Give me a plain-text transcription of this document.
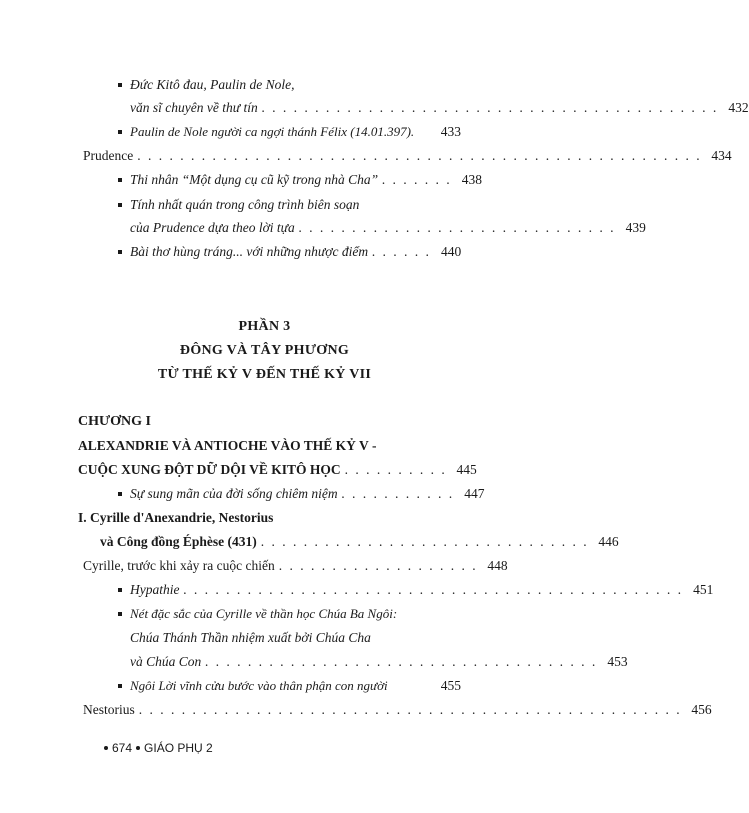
Đức Kitô đau, Paulin de Nole,
văn sĩ chuyên về thư tín . . . . . . . . . . . . . . . . . . . . . . . . . . . . . . . . . . . . . . . . . . . 432
Paulin de Nole người ca ngợi thánh Félix (14.01.397).	433
Prudence . . . . . . . . . . . . . . . . . . . . . . . . . . . . . . . . . . . . . . . . . . . . . . . . . . . . . 434
Thi nhân “Một dụng cụ cũ kỹ trong nhà Cha” . . . . . . . 438
Tính nhất quán trong công trình biên soạn
của Prudence dựa theo lời tựa . . . . . . . . . . . . . . . . . . . . . . . . . . . . . . 439
Bài thơ hùng tráng... với những nhược điểm . . . . . . 440
PHẦN 3
ĐÔNG VÀ TÂY PHƯƠNG
TỪ THẾ KỶ V ĐẾN THẾ KỶ VII
CHƯƠNG I
ALEXANDRIE VÀ ANTIOCHE VÀO THẾ KỶ V -
CUỘC XUNG ĐỘT DỮ DỘI VỀ KITÔ HỌC . . . . . . . . . . 445
Sự sung mãn của đời sống chiêm niệm . . . . . . . . . . . 447
I. Cyrille d'Anexandrie, Nestorius
và Công đồng Éphèse (431) . . . . . . . . . . . . . . . . . . . . . . . . . . . . . . . 446
Cyrille, trước khi xảy ra cuộc chiến . . . . . . . . . . . . . . . . . . . 448
Hypathie . . . . . . . . . . . . . . . . . . . . . . . . . . . . . . . . . . . . . . . . . . . . . . . 451
Nét đặc sắc của Cyrille về thần học Chúa Ba Ngôi:
Chúa Thánh Thần nhiệm xuất bởi Chúa Cha
và Chúa Con . . . . . . . . . . . . . . . . . . . . . . . . . . . . . . . . . . . . . 453
Ngôi Lời vĩnh cửu bước vào thân phận con người	455
Nestorius . . . . . . . . . . . . . . . . . . . . . . . . . . . . . . . . . . . . . . . . . . . . . . . . . . . 456
674 GIÁO PHỤ 2
